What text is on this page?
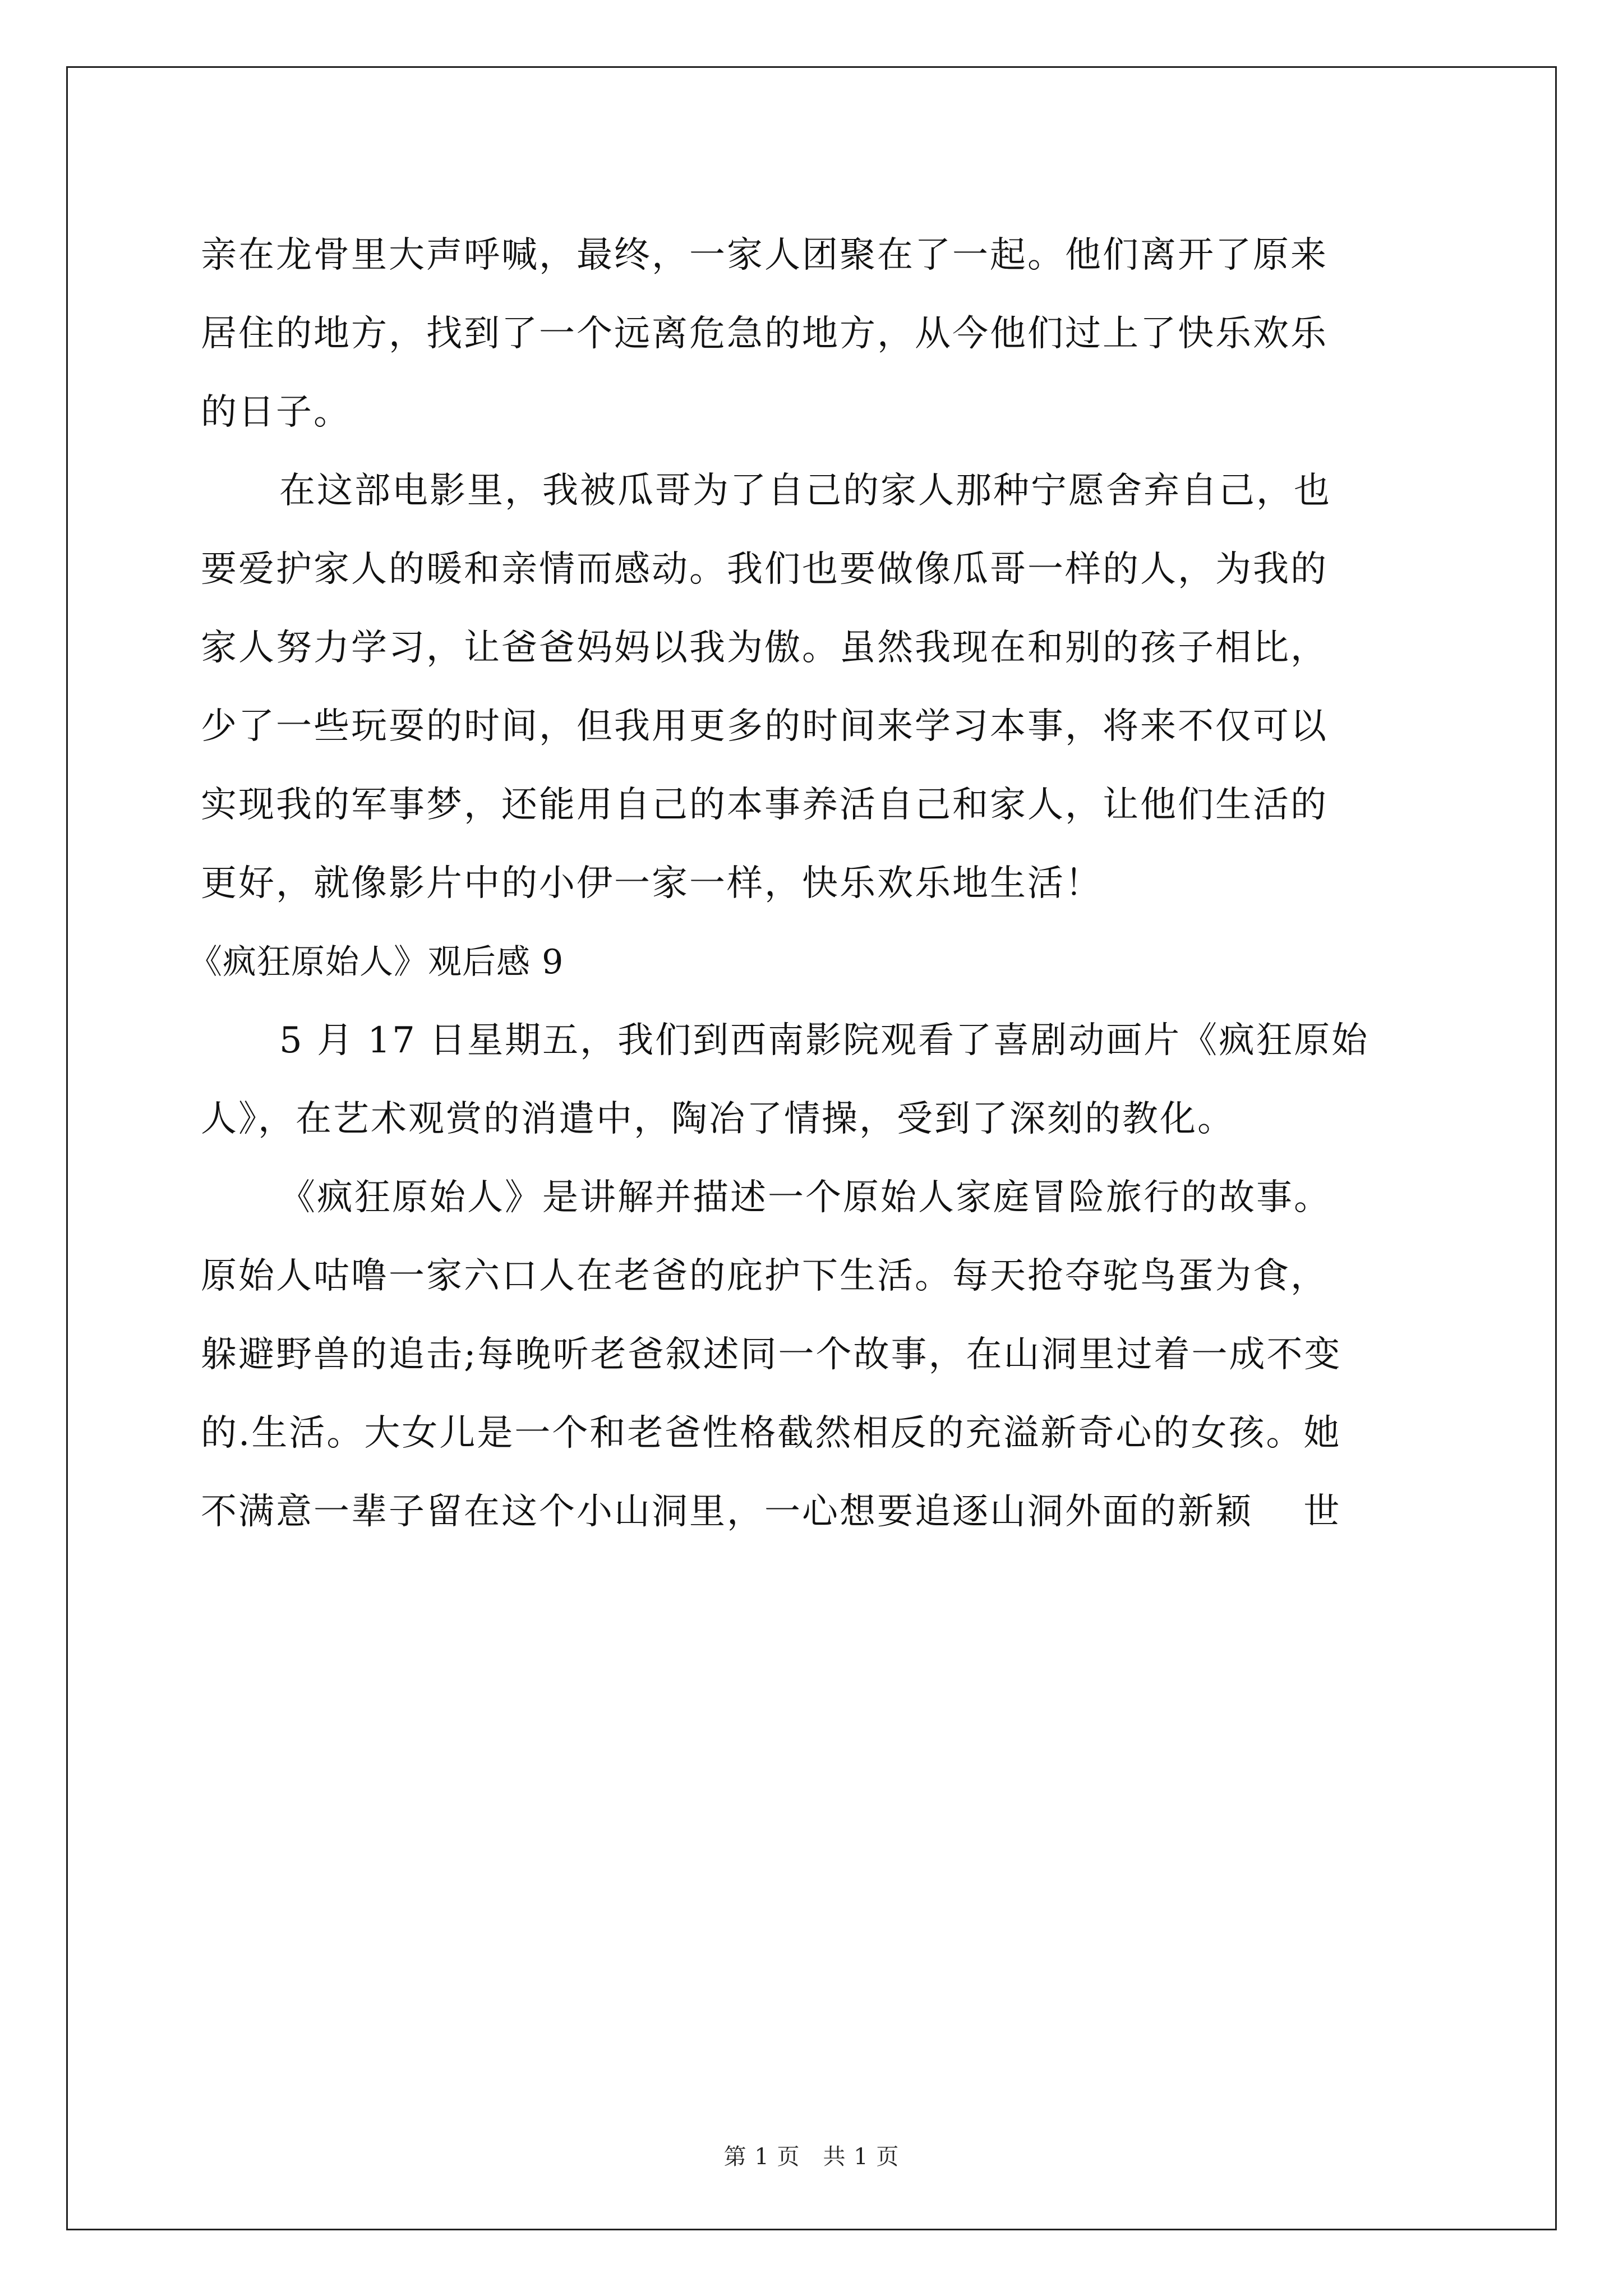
亲在龙骨里大声呼喊，最终，一家人团聚在了一起。他们离开了原来
居住的地方，找到了一个远离危急的地方，从今他们过上了快乐欢乐
的日子。
在这部电影里，我被瓜哥为了自己的家人那种宁愿舍弃自己，也
要爱护家人的暖和亲情而感动。我们也要做像瓜哥一样的人，为我的
家人努力学习，让爸爸妈妈以我为傲。虽然我现在和别的孩子相比，
少了一些玩耍的时间，但我用更多的时间来学习本事，将来不仅可以
实现我的军事梦，还能用自己的本事养活自己和家人，让他们生活的
更好，就像影片中的小伊一家一样，快乐欢乐地生活！
《疯狂原始人》观后感 9
5 月 17 日星期五，我们到西南影院观看了喜剧动画片《疯狂原始
人》，在艺术观赏的消遣中，陶冶了情操，受到了深刻的教化。
《疯狂原始人》是讲解并描述一个原始人家庭冒险旅行的故事。
原始人咕噜一家六口人在老爸的庇护下生活。每天抢夺驼鸟蛋为食，
躲避野兽的追击;每晚听老爸叙述同一个故事，在山洞里过着一成不变
的.生活。大女儿是一个和老爸性格截然相反的充溢新奇心的女孩。她
不满意一辈子留在这个小山洞里，一心想要追逐山洞外面的新颖　 世
第 1 页　共 1 页
